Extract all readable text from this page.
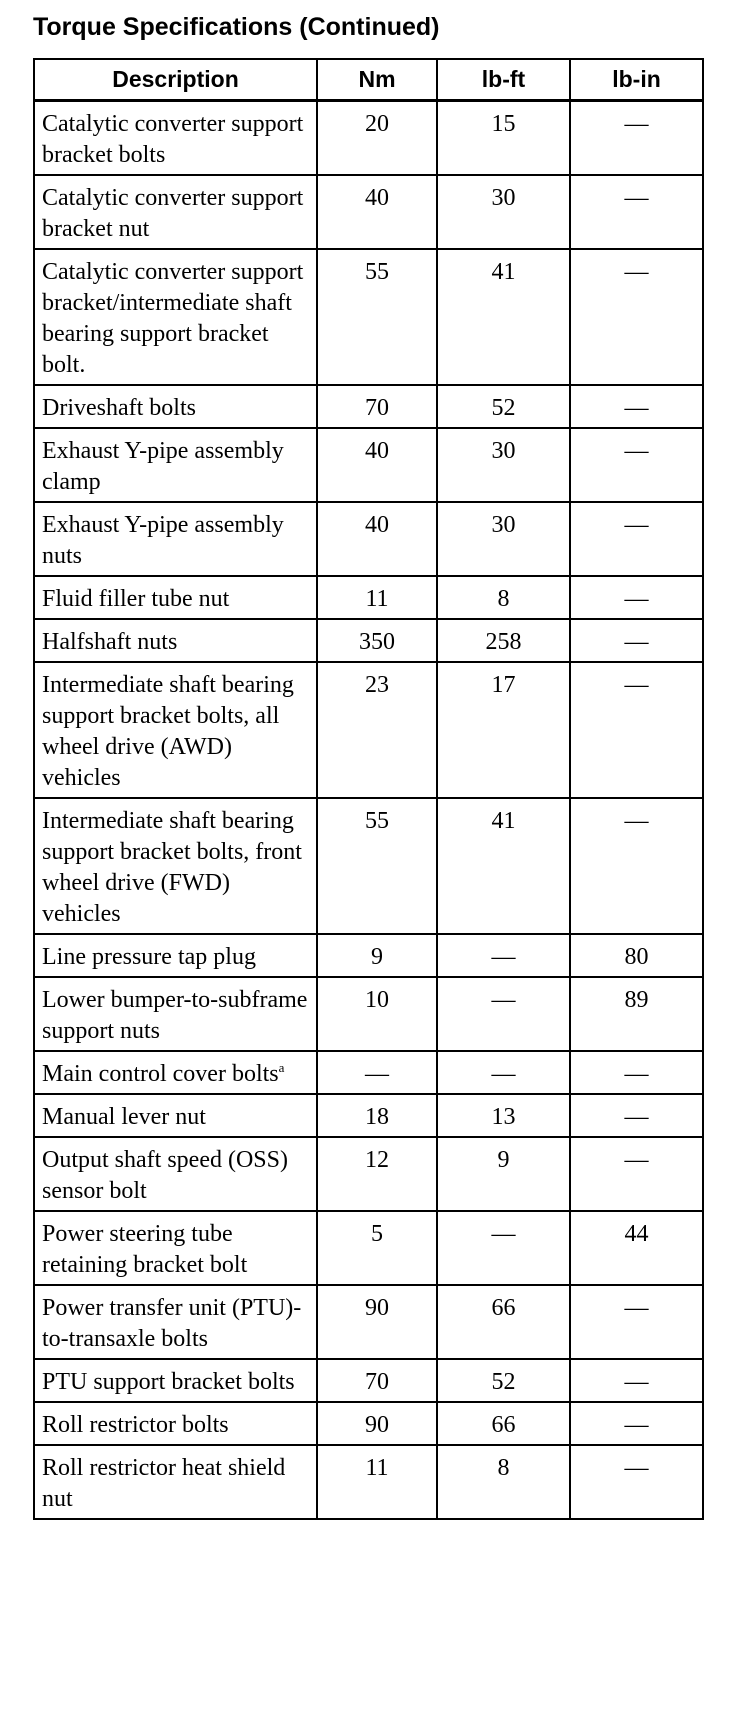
Torque Specifications (Continued)
Description	Nm	lb-ft	lb-in
Catalytic converter support bracket bolts	20	15	—
Catalytic converter support bracket nut	40	30	—
Catalytic converter support bracket/intermediate shaft bearing support bracket bolt.	55	41	—
Driveshaft bolts	70	52	—
Exhaust Y-pipe assembly clamp	40	30	—
Exhaust Y-pipe assembly nuts	40	30	—
Fluid filler tube nut	11	8	—
Halfshaft nuts	350	258	—
Intermediate shaft bearing support bracket bolts, all wheel drive (AWD) vehicles	23	17	—
Intermediate shaft bearing support bracket bolts, front wheel drive (FWD) vehicles	55	41	—
Line pressure tap plug	9	—	80
Lower bumper-to-subframe support nuts	10	—	89
Main control cover bolts$^a$	—	—	—
Manual lever nut	18	13	—
Output shaft speed (OSS) sensor bolt	12	9	—
Power steering tube retaining bracket bolt	5	—	44
Power transfer unit (PTU)-to-transaxle bolts	90	66	—
PTU support bracket bolts	70	52	—
Roll restrictor bolts	90	66	—
Roll restrictor heat shield nut	11	8	—
